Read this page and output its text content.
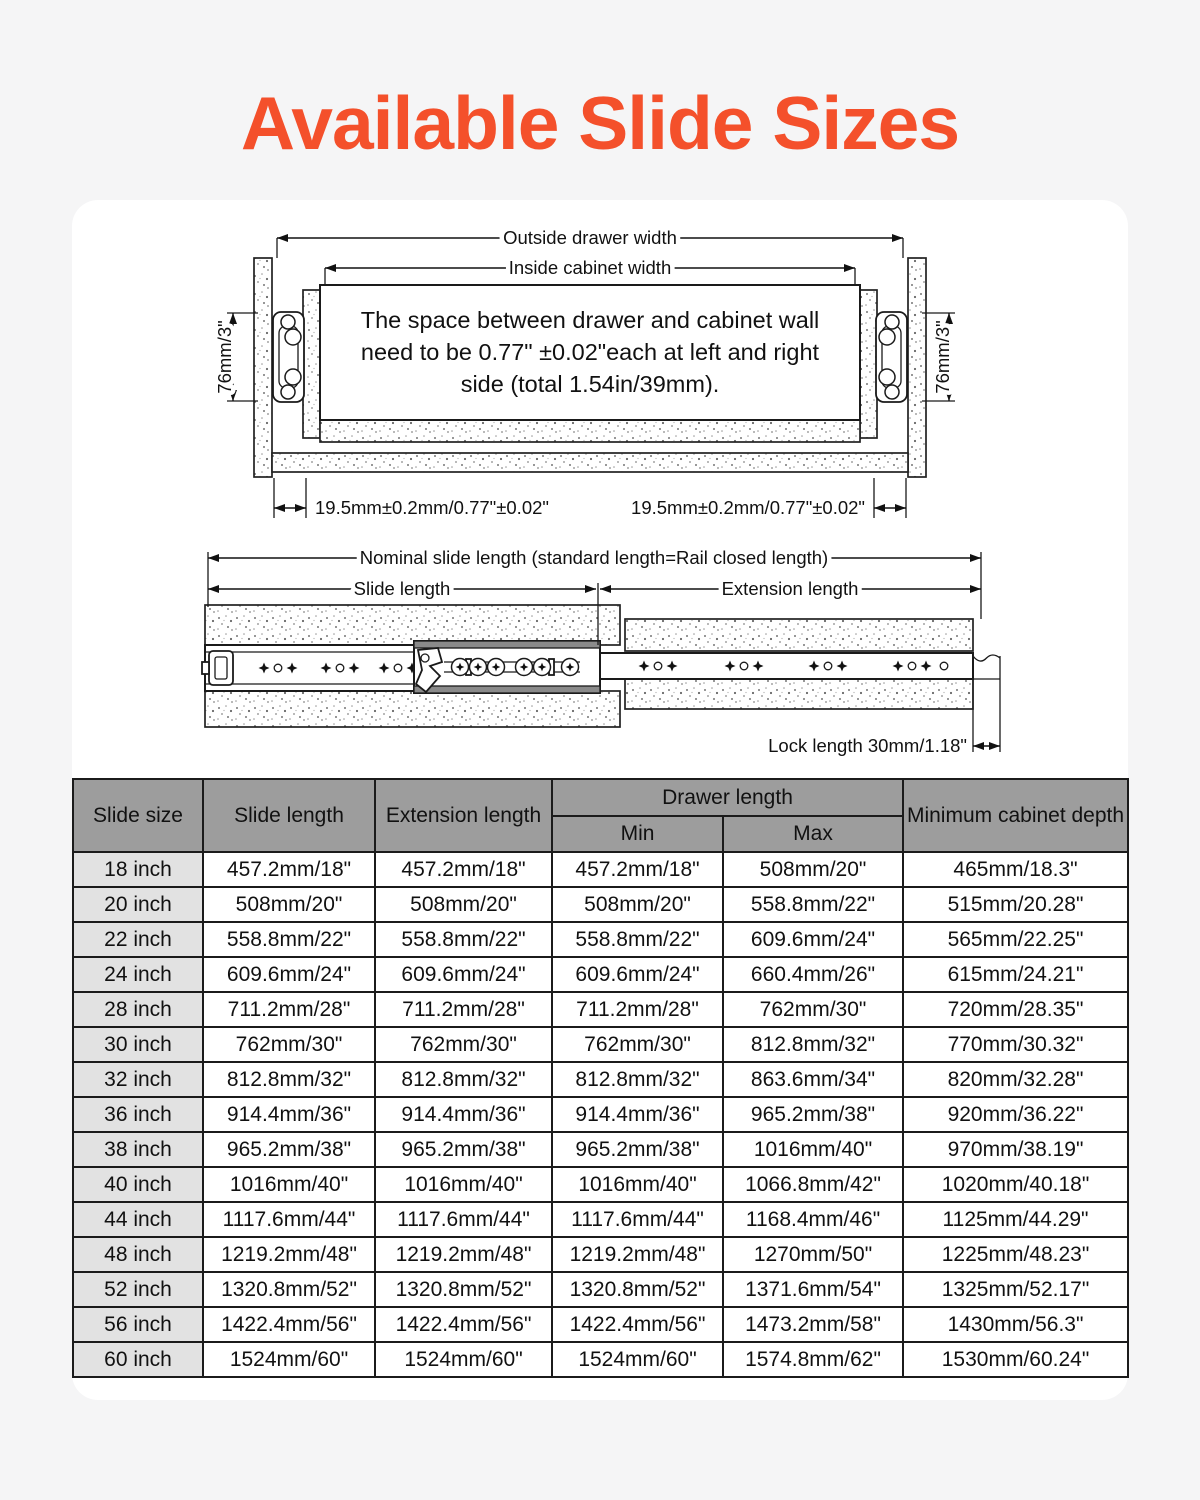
Available Slide Sizes
The space between drawer and cabinet wall
need to be 0.77" ±0.02"each at left and right
side (total 1.54in/39mm).
Outside drawer width
Inside cabinet width
76mm/3"	76mm/3"
19.5mm±0.2mm/0.77"±0.02"	19.5mm±0.2mm/0.77"±0.02"
Nominal slide length (standard length=Rail closed length)
Slide length	Extension length
Lock length 30mm/1.18"
Slide size	Slide length	Extension length	Drawer length		Minimum cabinet depth
			Min	Max	
18 inch	457.2mm/18"	457.2mm/18"	457.2mm/18"	508mm/20"	465mm/18.3"
20 inch	508mm/20"	508mm/20"	508mm/20"	558.8mm/22"	515mm/20.28"
22 inch	558.8mm/22"	558.8mm/22"	558.8mm/22"	609.6mm/24"	565mm/22.25"
24 inch	609.6mm/24"	609.6mm/24"	609.6mm/24"	660.4mm/26"	615mm/24.21"
28 inch	711.2mm/28"	711.2mm/28"	711.2mm/28"	762mm/30"	720mm/28.35"
30 inch	762mm/30"	762mm/30"	762mm/30"	812.8mm/32"	770mm/30.32"
32 inch	812.8mm/32"	812.8mm/32"	812.8mm/32"	863.6mm/34"	820mm/32.28"
36 inch	914.4mm/36"	914.4mm/36"	914.4mm/36"	965.2mm/38"	920mm/36.22"
38 inch	965.2mm/38"	965.2mm/38"	965.2mm/38"	1016mm/40"	970mm/38.19"
40 inch	1016mm/40"	1016mm/40"	1016mm/40"	1066.8mm/42"	1020mm/40.18"
44 inch	1117.6mm/44"	1117.6mm/44"	1117.6mm/44"	1168.4mm/46"	1125mm/44.29"
48 inch	1219.2mm/48"	1219.2mm/48"	1219.2mm/48"	1270mm/50"	1225mm/48.23"
52 inch	1320.8mm/52"	1320.8mm/52"	1320.8mm/52"	1371.6mm/54"	1325mm/52.17"
56 inch	1422.4mm/56"	1422.4mm/56"	1422.4mm/56"	1473.2mm/58"	1430mm/56.3"
60 inch	1524mm/60"	1524mm/60"	1524mm/60"	1574.8mm/62"	1530mm/60.24"
